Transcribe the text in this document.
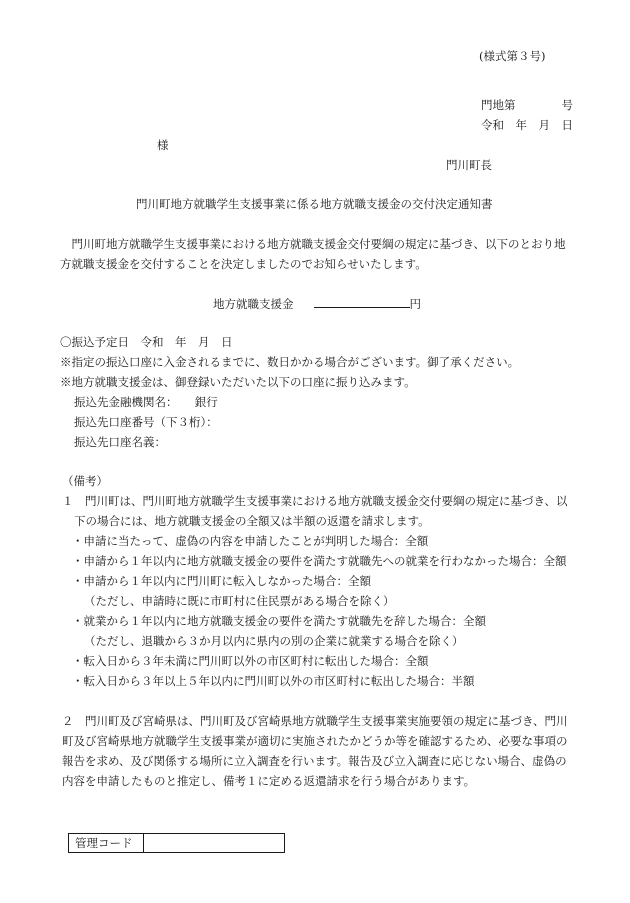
(様式第３号)
門地第　　　　号
令和　年　月　日
様
門川町長
門川町地方就職学生支援事業に係る地方就職支援金の交付決定通知書
　門川町地方就職学生支援事業における地方就職支援金交付要綱の規定に基づき、以下のとおり地
方就職支援金を交付することを決定しましたのでお知らせいたします。
地方就職支援金	円
〇振込予定日　令和　年　月　日
※指定の振込口座に入金されるまでに、数日かかる場合がございます。御了承ください。
※地方就職支援金は、御登録いただいた以下の口座に振り込みます。
振込先金融機関名：　　銀行
振込先口座番号（下３桁）：
振込先口座名義：
（備考）
１　門川町は、門川町地方就職学生支援事業における地方就職支援金交付要綱の規定に基づき、以
下の場合には、地方就職支援金の全額又は半額の返還を請求します。
・申請に当たって、虚偽の内容を申請したことが判明した場合：全額
・申請から１年以内に地方就職支援金の要件を満たす就職先への就業を行わなかった場合：全額
・申請から１年以内に門川町に転入しなかった場合：全額
（ただし、申請時に既に市町村に住民票がある場合を除く）
・就業から１年以内に地方就職支援金の要件を満たす就職先を辞した場合：全額
（ただし、退職から３か月以内に県内の別の企業に就業する場合を除く）
・転入日から３年未満に門川町以外の市区町村に転出した場合：全額
・転入日から３年以上５年以内に門川町以外の市区町村に転出した場合：半額
２　門川町及び宮崎県は、門川町及び宮崎県地方就職学生支援事業実施要領の規定に基づき、門川
町及び宮崎県地方就職学生支援事業が適切に実施されたかどうか等を確認するため、必要な事項の
報告を求め、及び関係する場所に立入調査を行います。報告及び立入調査に応じない場合、虚偽の
内容を申請したものと推定し、備考１に定める返還請求を行う場合があります。
管理コード	
